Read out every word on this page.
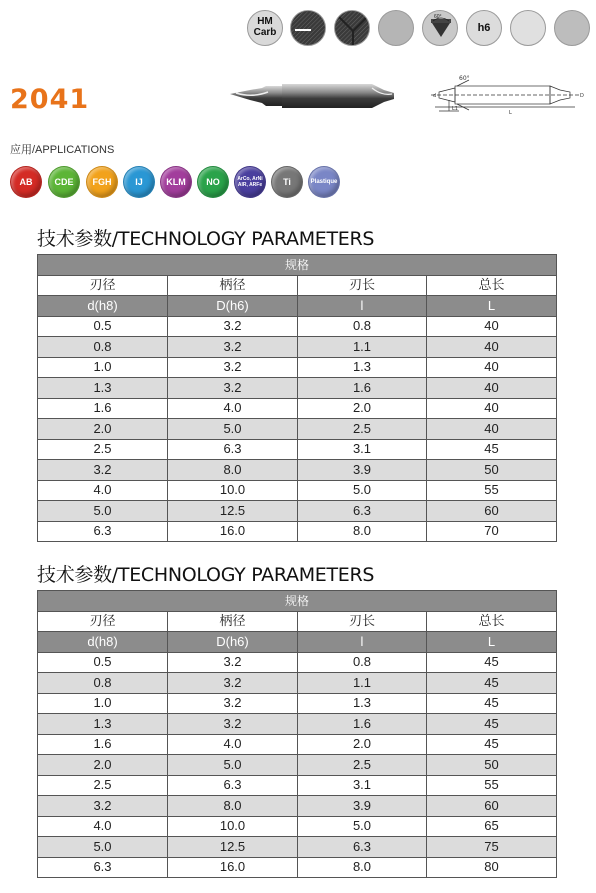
HM
Carb
60°
h6
2041
60°
d	D
L1
L
应用/APPLICATIONS
AB CDE FGH	IJ	KLM NO	ArCo, ArNi
AIR, ARFe Ti	Plastique
技术参数/TECHNOLOGY PARAMETERS
规格			
刃径	柄径	刃长	总长
d(h8)	D(h6)	l	L
0.5	3.2	0.8	40
0.8	3.2	1.1	40
1.0	3.2	1.3	40
1.3	3.2	1.6	40
1.6	4.0	2.0	40
2.0	5.0	2.5	40
2.5	6.3	3.1	45
3.2	8.0	3.9	50
4.0	10.0	5.0	55
5.0	12.5	6.3	60
6.3	16.0	8.0	70
技术参数/TECHNOLOGY PARAMETERS
规格			
刃径	柄径	刃长	总长
d(h8)	D(h6)	l	L
0.5	3.2	0.8	45
0.8	3.2	1.1	45
1.0	3.2	1.3	45
1.3	3.2	1.6	45
1.6	4.0	2.0	45
2.0	5.0	2.5	50
2.5	6.3	3.1	55
3.2	8.0	3.9	60
4.0	10.0	5.0	65
5.0	12.5	6.3	75
6.3	16.0	8.0	80
